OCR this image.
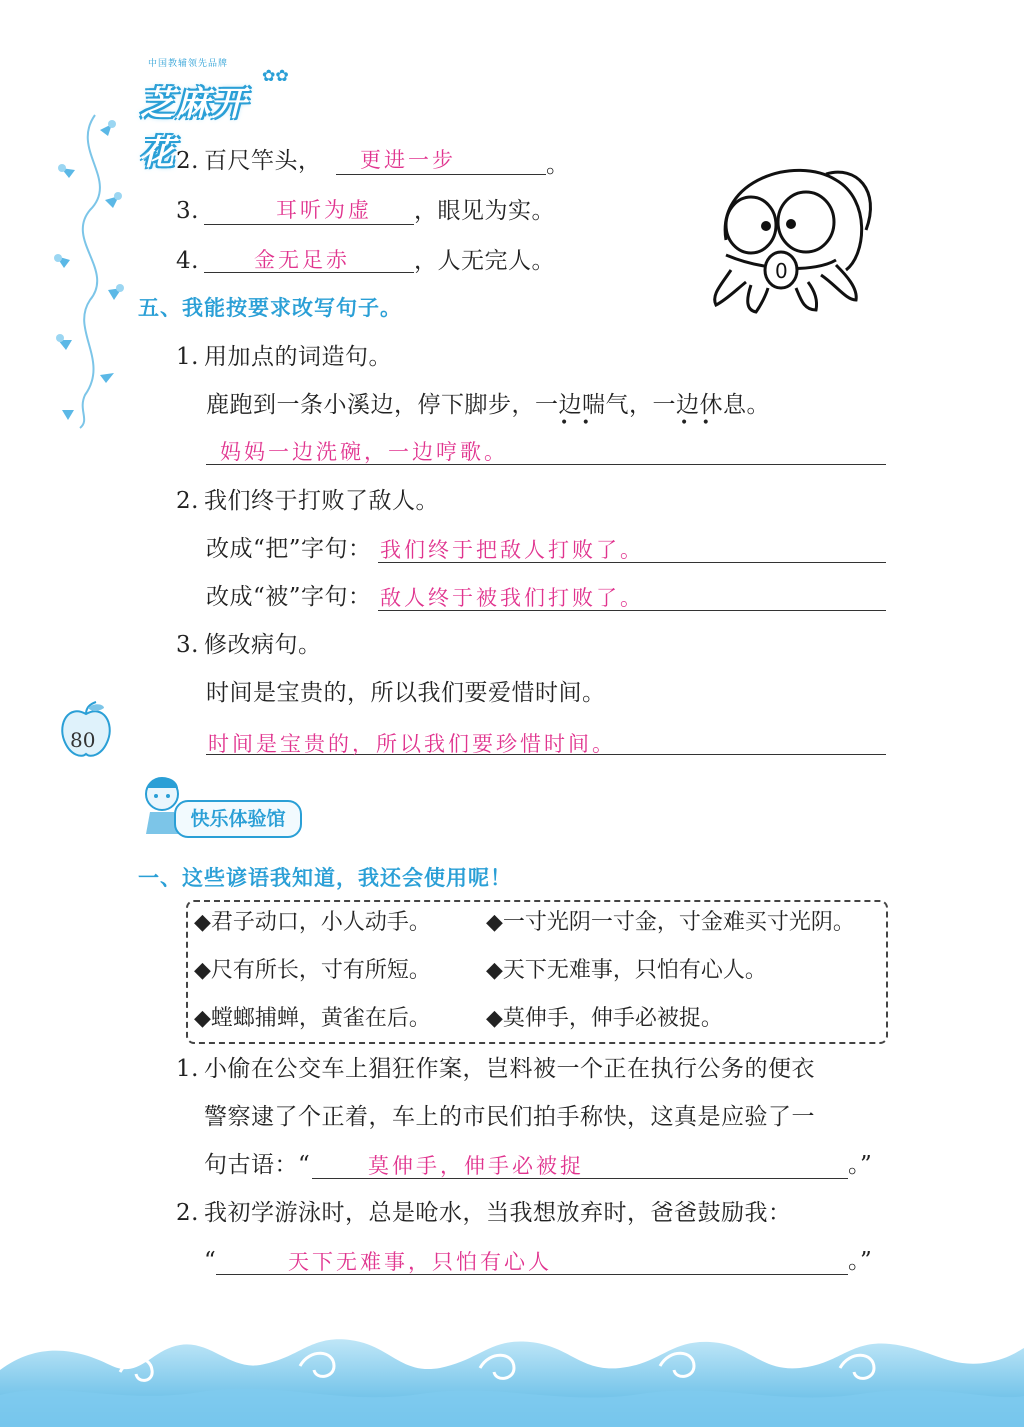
中国教辅领先品牌
芝麻开花
✿✿
2. 百尺竿头， 更进一步	。
3.	耳听为虚 ，眼见为实。
4.	金无足赤	，人无完人。	0
五、我能按要求改写句子。
1. 用加点的词造句。
鹿跑到一条小溪边，停下脚步，一边喘气，一边休息。
•   •	•   •
妈妈一边洗碗，一边哼歌。
2. 我们终于打败了敌人。
改成“把”字句： 我们终于把敌人打败了。
改成“被”字句： 敌人终于被我们打败了。
3. 修改病句。
时间是宝贵的，所以我们要爱惜时间。
时间是宝贵的，所以我们要珍惜时间。
80
快乐体验馆
一、这些谚语我知道，我还会使用呢！
◆君子动口，小人动手。	◆一寸光阴一寸金，寸金难买寸光阴。
◆尺有所长，寸有所短。	◆天下无难事，只怕有心人。
◆螳螂捕蝉，黄雀在后。	◆莫伸手，伸手必被捉。
1. 小偷在公交车上猖狂作案，岂料被一个正在执行公务的便衣
警察逮了个正着，车上的市民们拍手称快，这真是应验了一
句古语：“	莫伸手，伸手必被捉	。”
2. 我初学游泳时，总是呛水，当我想放弃时，爸爸鼓励我：
“	天下无难事，只怕有心人	。”
